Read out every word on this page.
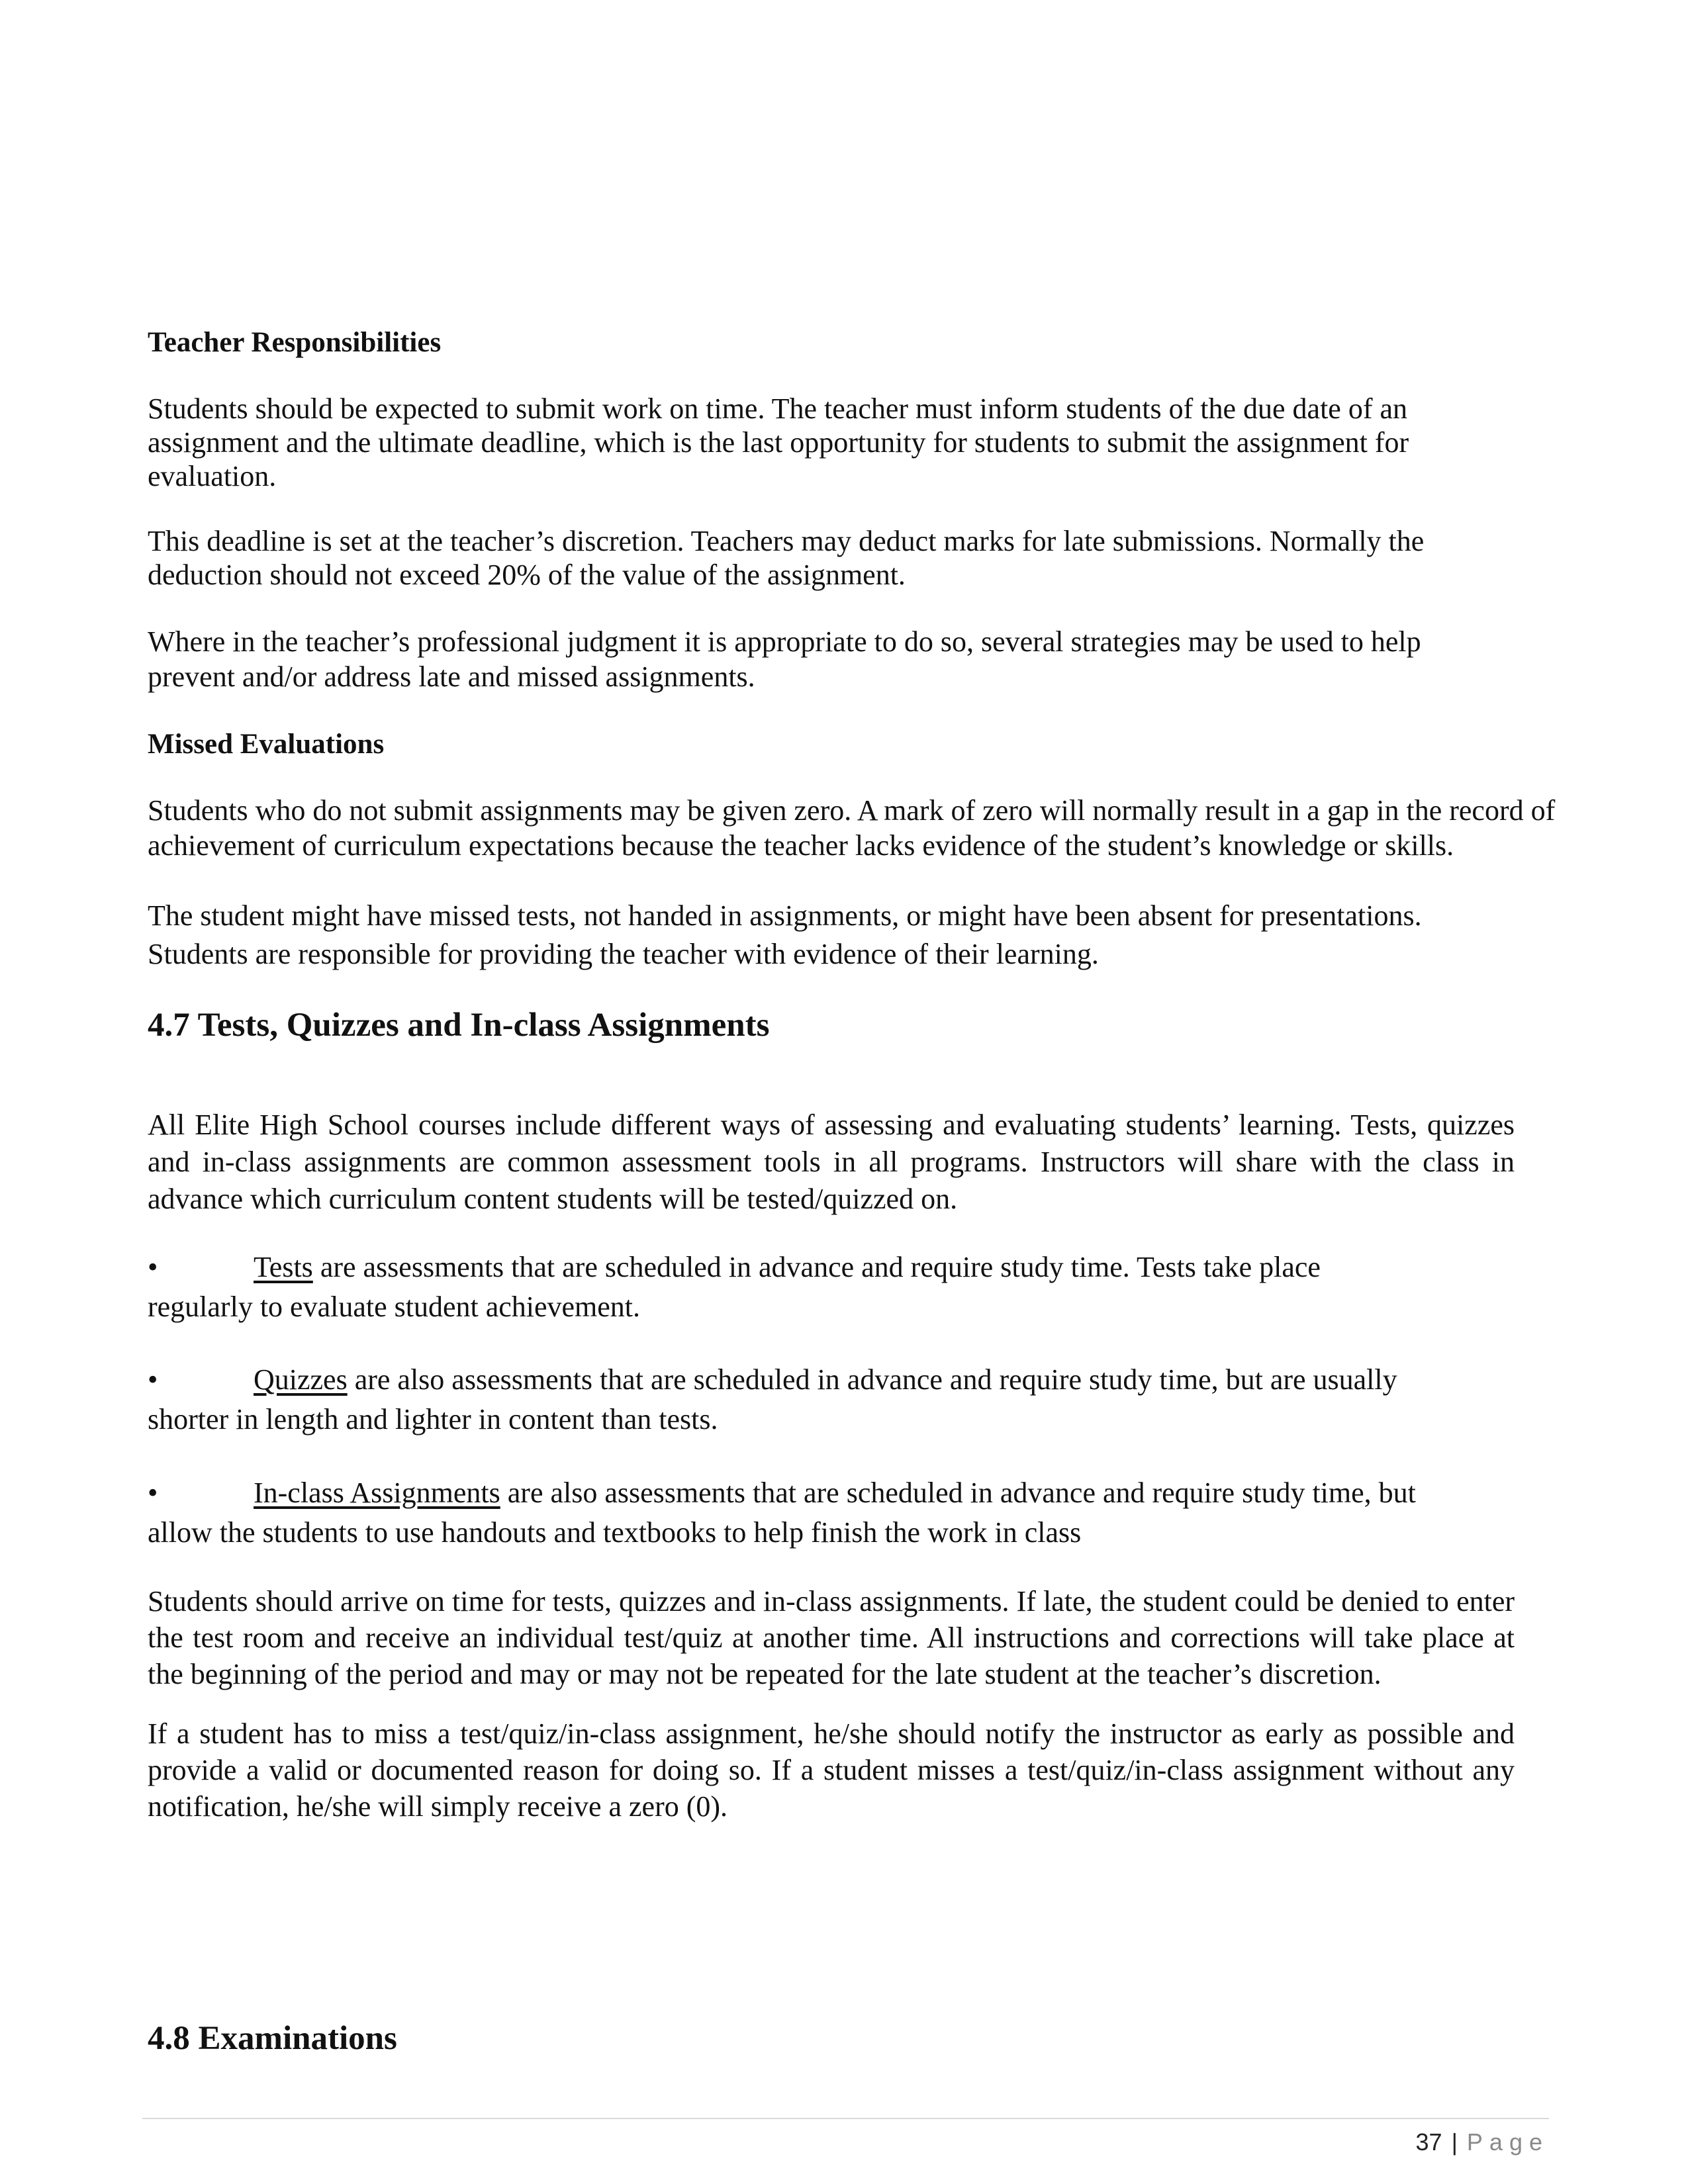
Teacher Responsibilities

Students should be expected to submit work on time. The teacher must inform students of the due date of an assignment and the ultimate deadline, which is the last opportunity for students to submit the assignment for evaluation.

This deadline is set at the teacher’s discretion. Teachers may deduct marks for late submissions. Normally the deduction should not exceed 20% of the value of the assignment.

Where in the teacher’s professional judgment it is appropriate to do so, several strategies may be used to help prevent and/or address late and missed assignments.

Missed Evaluations

Students who do not submit assignments may be given zero. A mark of zero will normally result in a gap in the record of achievement of curriculum expectations because the teacher lacks evidence of the student’s knowledge or skills.

The student might have missed tests, not handed in assignments, or might have been absent for presentations. Students are responsible for providing the teacher with evidence of their learning.

4.7 Tests, Quizzes and In-class Assignments

All Elite High School courses include different ways of assessing and evaluating students’ learning. Tests, quizzes and in-class assignments are common assessment tools in all programs. Instructors will share with the class in advance which curriculum content students will be tested/quizzed on.

•	Tests are assessments that are scheduled in advance and require study time. Tests take place
regularly to evaluate student achievement.
•	Quizzes are also assessments that are scheduled in advance and require study time, but are usually
shorter in length and lighter in content than tests.
•	In-class Assignments are also assessments that are scheduled in advance and require study time, but
allow the students to use handouts and textbooks to help finish the work in class

Students should arrive on time for tests, quizzes and in-class assignments. If late, the student could be denied to enter the test room and receive an individual test/quiz at another time. All instructions and corrections will take place at the beginning of the period and may or may not be repeated for the late student at the teacher’s discretion.

If a student has to miss a test/quiz/in-class assignment, he/she should notify the instructor as early as possible and provide a valid or documented reason for doing so. If a student misses a test/quiz/in-class assignment without any notification, he/she will simply receive a zero (0).

4.8 Examinations
37 | Page
